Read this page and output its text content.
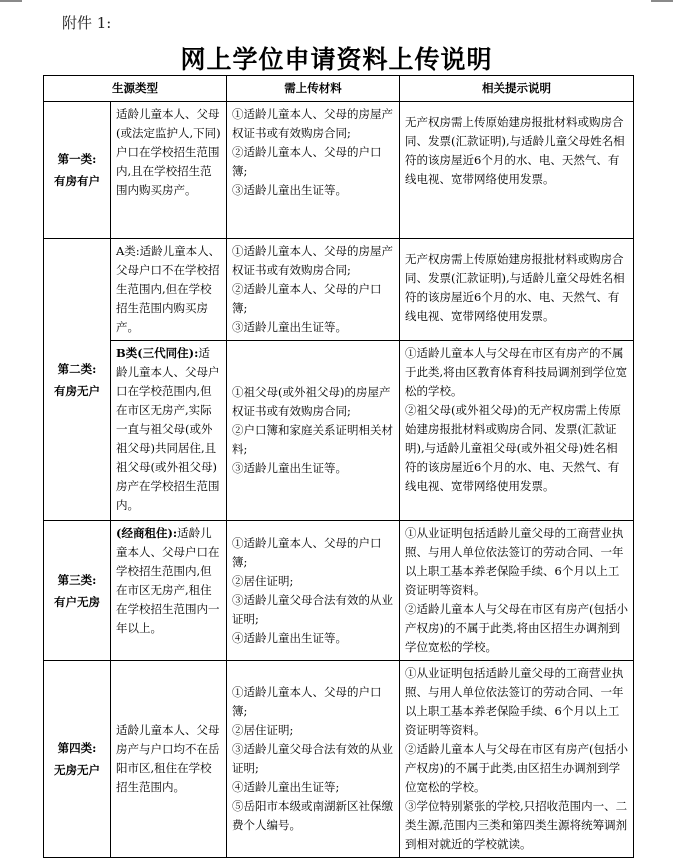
附件 1:
网上学位申请资料上传说明
生源类型		需上传材料	相关提示说明

第一类:
有房有户	适龄儿童本人、父母(或法定监护人,下同)户口在学校招生范围内,且在学校招生范围内购买房产。	①适龄儿童本人、父母的房屋产权证书或有效购房合同;
②适龄儿童本人、父母的户口簿;
③适龄儿童出生证等。	无产权房需上传原始建房报批材料或购房合同、发票(汇款证明),与适龄儿童父母姓名相符的该房屋近6个月的水、电、天然气、有线电视、宽带网络使用发票。

第二类:
有房无户	A类:适龄儿童本人、父母户口不在学校招生范围内,但在学校招生范围内购买房产。	①适龄儿童本人、父母的房屋产权证书或有效购房合同;
②适龄儿童本人、父母的户口簿;
③适龄儿童出生证等。	无产权房需上传原始建房报批材料或购房合同、发票(汇款证明),与适龄儿童父母姓名相符的该房屋近6个月的水、电、天然气、有线电视、宽带网络使用发票。

	B类(三代同住):适龄儿童本人、父母户口在学校范围内,但在市区无房产,实际一直与祖父母(或外祖父母)共同居住,且祖父母(或外祖父母)房产在学校招生范围内。	①祖父母(或外祖父母)的房屋产权证书或有效购房合同;
②户口簿和家庭关系证明相关材料;
③适龄儿童出生证等。	①适龄儿童本人与父母在市区有房产的不属于此类,将由区教育体育科技局调剂到学位宽松的学校。
②祖父母(或外祖父母)的无产权房需上传原始建房报批材料或购房合同、发票(汇款证明),与适龄儿童祖父母(或外祖父母)姓名相符的该房屋近6个月的水、电、天然气、有线电视、宽带网络使用发票。

第三类:
有户无房	(经商租住):适龄儿童本人、父母户口在学校招生范围内,但在市区无房产,租住在学校招生范围内一年以上。	①适龄儿童本人、父母的户口簿;
②居住证明;
③适龄儿童父母合法有效的从业证明;
④适龄儿童出生证等。	①从业证明包括适龄儿童父母的工商营业执照、与用人单位依法签订的劳动合同、一年以上职工基本养老保险手续、6个月以上工资证明等资料。
②适龄儿童本人与父母在市区有房产(包括小产权房)的不属于此类,将由区招生办调剂到学位宽松的学校。

第四类:
无房无户	适龄儿童本人、父母房产与户口均不在岳阳市区,租住在学校招生范围内。	①适龄儿童本人、父母的户口簿;
②居住证明;
③适龄儿童父母合法有效的从业证明;
④适龄儿童出生证等;
⑤岳阳市本级或南湖新区社保缴费个人编号。	①从业证明包括适龄儿童父母的工商营业执照、与用人单位依法签订的劳动合同、一年以上职工基本养老保险手续、6个月以上工资证明等资料。
②适龄儿童本人与父母在市区有房产(包括小产权房)的不属于此类,由区招生办调剂到学位宽松的学校。
③学位特别紧张的学校,只招收范围内一、二类生源,范围内三类和第四类生源将统筹调剂到相对就近的学校就读。
